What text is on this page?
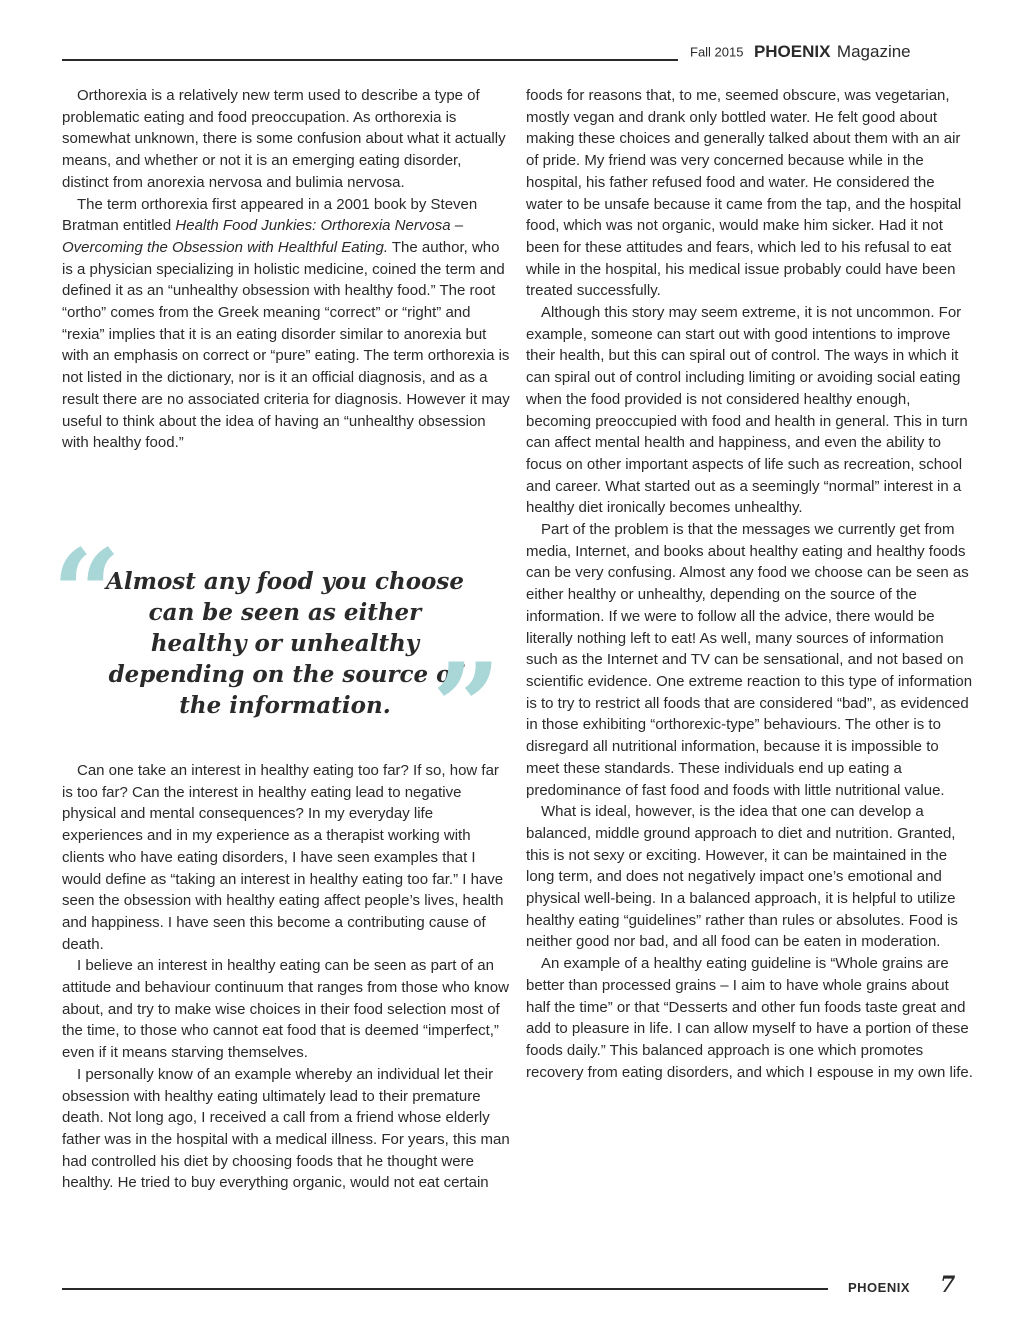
Fall 2015 PHOENIX Magazine

Orthorexia is a relatively new term used to describe a type of problematic eating and food preoccupation. As orthorexia is somewhat unknown, there is some confusion about what it actually means, and whether or not it is an emerging eating disorder, distinct from anorexia nervosa and bulimia nervosa.

The term orthorexia first appeared in a 2001 book by Steven Bratman entitled Health Food Junkies: Orthorexia Nervosa – Overcoming the Obsession with Healthful Eating. The author, who is a physician specializing in holistic medicine, coined the term and defined it as an “unhealthy obsession with healthy food.” The root “ortho” comes from the Greek meaning “correct” or “right” and “rexia” implies that it is an eating disorder similar to anorexia but with an emphasis on correct or “pure” eating. The term orthorexia is not listed in the dictionary, nor is it an official diagnosis, and as a result there are no associated criteria for diagnosis. However it may useful to think about the idea of having an “unhealthy obsession with healthy food.”

“
Almost any food you choose can be seen as either healthy or unhealthy depending on the source of the information. ”

Can one take an interest in healthy eating too far? If so, how far is too far? Can the interest in healthy eating lead to negative physical and mental consequences? In my everyday life experiences and in my experience as a therapist working with clients who have eating disorders, I have seen examples that I would define as “taking an interest in healthy eating too far.” I have seen the obsession with healthy eating affect people’s lives, health and happiness. I have seen this become a contributing cause of death.

I believe an interest in healthy eating can be seen as part of an attitude and behaviour continuum that ranges from those who know about, and try to make wise choices in their food selection most of the time, to those who cannot eat food that is deemed “imperfect,” even if it means starving themselves.

I personally know of an example whereby an individual let their obsession with healthy eating ultimately lead to their premature death. Not long ago, I received a call from a friend whose elderly father was in the hospital with a medical illness. For years, this man had controlled his diet by choosing foods that he thought were healthy. He tried to buy everything organic, would not eat certain

foods for reasons that, to me, seemed obscure, was vegetarian, mostly vegan and drank only bottled water. He felt good about making these choices and generally talked about them with an air of pride. My friend was very concerned because while in the hospital, his father refused food and water. He considered the water to be unsafe because it came from the tap, and the hospital food, which was not organic, would make him sicker. Had it not been for these attitudes and fears, which led to his refusal to eat while in the hospital, his medical issue probably could have been treated successfully.

Although this story may seem extreme, it is not uncommon. For example, someone can start out with good intentions to improve their health, but this can spiral out of control. The ways in which it can spiral out of control including limiting or avoiding social eating when the food provided is not considered healthy enough, becoming preoccupied with food and health in general. This in turn can affect mental health and happiness, and even the ability to focus on other important aspects of life such as recreation, school and career. What started out as a seemingly “normal” interest in a healthy diet ironically becomes unhealthy.

Part of the problem is that the messages we currently get from media, Internet, and books about healthy eating and healthy foods can be very confusing. Almost any food we choose can be seen as either healthy or unhealthy, depending on the source of the information. If we were to follow all the advice, there would be literally nothing left to eat! As well, many sources of information such as the Internet and TV can be sensational, and not based on scientific evidence. One extreme reaction to this type of information is to try to restrict all foods that are considered “bad”, as evidenced in those exhibiting “orthorexic-type” behaviours. The other is to disregard all nutritional information, because it is impossible to meet these standards. These individuals end up eating a predominance of fast food and foods with little nutritional value.

What is ideal, however, is the idea that one can develop a balanced, middle ground approach to diet and nutrition. Granted, this is not sexy or exciting. However, it can be maintained in the long term, and does not negatively impact one’s emotional and physical well-being. In a balanced approach, it is helpful to utilize healthy eating “guidelines” rather than rules or absolutes. Food is neither good nor bad, and all food can be eaten in moderation.

An example of a healthy eating guideline is “Whole grains are better than processed grains – I aim to have whole grains about half the time” or that “Desserts and other fun foods taste great and add to pleasure in life. I can allow myself to have a portion of these foods daily.” This balanced approach is one which promotes recovery from eating disorders, and which I espouse in my own life.

PHOENIX 7
